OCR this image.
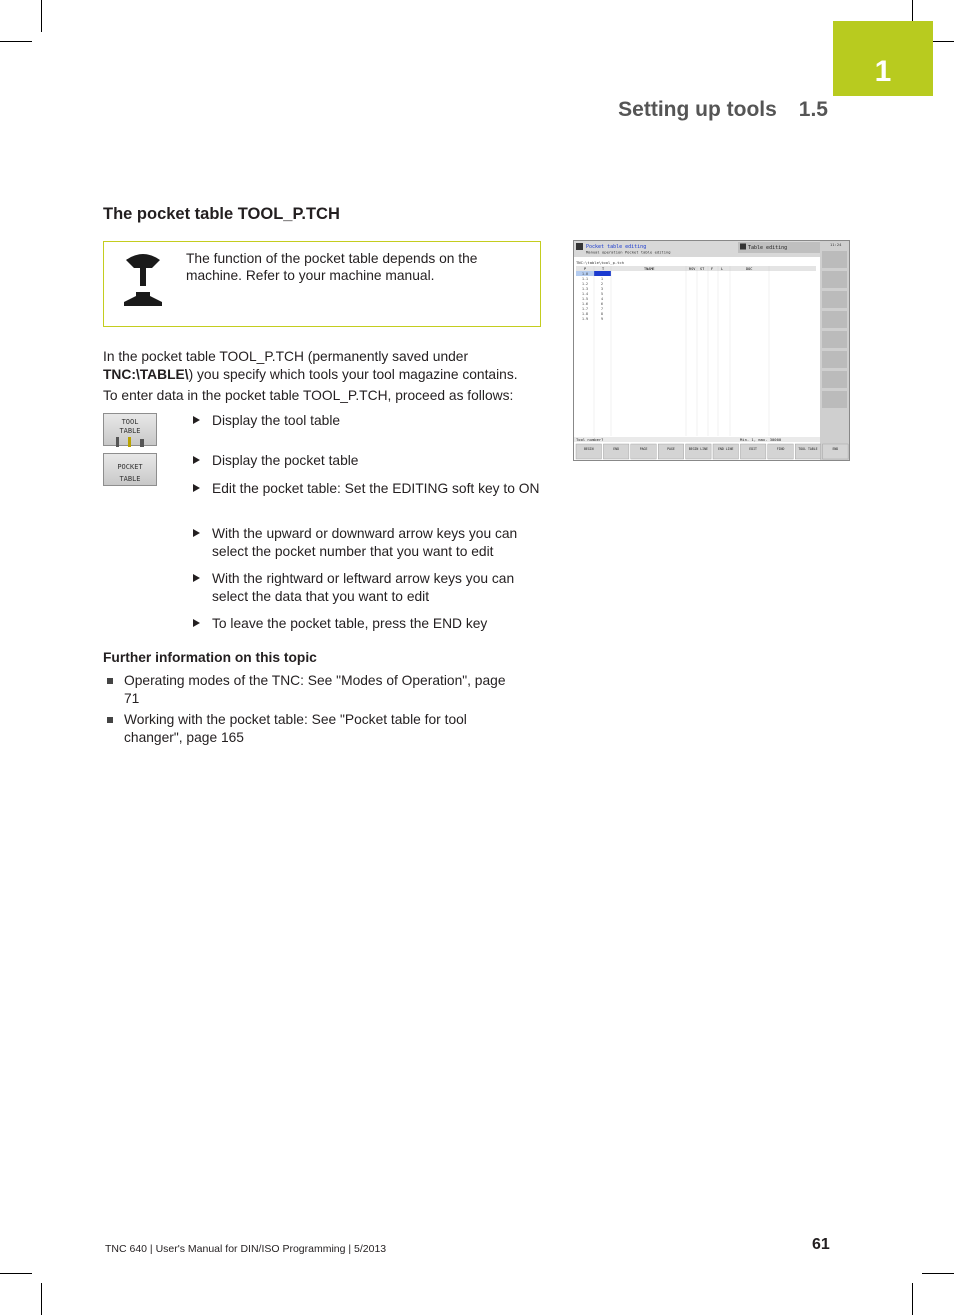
1
Setting up tools 1.5
The pocket table TOOL_P.TCH
The function of the pocket table depends on the machine. Refer to your machine manual.
In the pocket table TOOL_P.TCH (permanently saved under TNC:\TABLE\) you specify which tools your tool magazine contains.
To enter data in the pocket table TOOL_P.TCH, proceed as follows:
TOOL
TABLE
POCKET
TABLE
Display the tool table
Display the pocket table
Edit the pocket table: Set the EDITING soft key to ON
With the upward or downward arrow keys you can select the pocket number that you want to edit
With the rightward or leftward arrow keys you can select the data that you want to edit
To leave the pocket table, press the END key
Further information on this topic
Operating modes of the TNC: See "Modes of Operation", page 71
Working with the pocket table: See "Pocket table for tool changer", page 165
Pocket table editing
Manual operation Pocket table editing
Table editing
11:24
TNC:\table\tool_p.tch
P	T	TNAME	RSV ST F L	DOC
1.0
1.1	1
1.2	2
1.3	3
1.4	5
1.5	4
1.6	6
1.7	7
1.8	8
1.9	9
Tool number?	Min. 1, max. 30000
BEGIN	END	PAGE	PAGE	BEGIN LINE	END LINE	EDIT	FIND	TOOL TABLE	END
TNC 640 | User's Manual for DIN/ISO Programming | 5/2013	61
